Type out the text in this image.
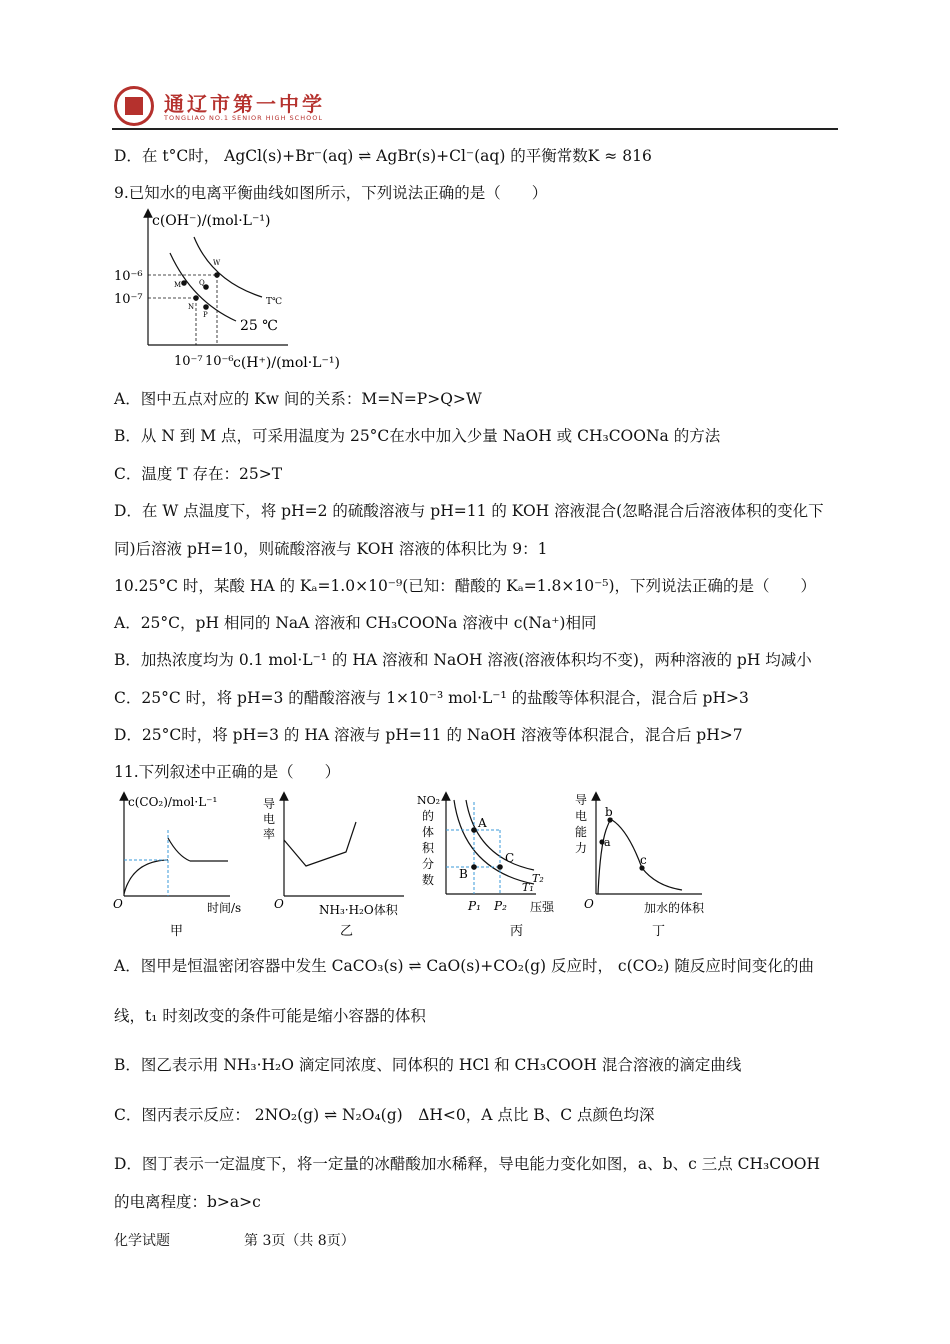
通辽市第一中学
TONGLIAO NO.1 SENIOR HIGH SCHOOL
D．在 t°C时， AgCl(s)+Br⁻(aq) ⇌ AgBr(s)+Cl⁻(aq) 的平衡常数K ≈ 816
9.已知水的电离平衡曲线如图所示，下列说法正确的是（　　）
M
N
Q
P
W
c(OH⁻)/(mol·L⁻¹)
10⁻⁶
10⁻⁷
10⁻⁷ 10⁻⁶ c(H⁺)/(mol·L⁻¹)
T℃
25 ℃
A．图中五点对应的 Kw 间的关系：M=N=P>Q>W
B．从 N 到 M 点，可采用温度为 25°C在水中加入少量 NaOH 或 CH₃COONa 的方法
C．温度 T 存在：25>T
D．在 W 点温度下，将 pH=2 的硫酸溶液与 pH=11 的 KOH 溶液混合(忽略混合后溶液体积的变化下
同)后溶液 pH=10，则硫酸溶液与 KOH 溶液的体积比为 9：1
10.25°C 时，某酸 HA 的 Kₐ=1.0×10⁻⁹(已知：醋酸的 Kₐ=1.8×10⁻⁵)，下列说法正确的是（　　）
A．25°C，pH 相同的 NaA 溶液和 CH₃COONa 溶液中 c(Na⁺)相同
B．加热浓度均为 0.1 mol·L⁻¹ 的 HA 溶液和 NaOH 溶液(溶液体积均不变)，两种溶液的 pH 均减小
C．25°C 时，将 pH=3 的醋酸溶液与 1×10⁻³ mol·L⁻¹ 的盐酸等体积混合，混合后 pH>3
D．25°C时，将 pH=3 的 HA 溶液与 pH=11 的 NaOH 溶液等体积混合，混合后 pH>7
11.下列叙述中正确的是（　　）
c(CO₂)/mol·L⁻¹
O	时间/s
甲
导
电
率
O	NH₃·H₂O体积
乙
NO₂
的
体
积
分
数
A
B
C
T₂
T₁
P₁ P₂ 压强
丙
导
电
能
力 a
b
c
O	加水的体积
丁
A．图甲是恒温密闭容器中发生 CaCO₃(s) ⇌ CaO(s)+CO₂(g) 反应时， c(CO₂) 随反应时间变化的曲
线，t₁ 时刻改变的条件可能是缩小容器的体积
B．图乙表示用 NH₃·H₂O 滴定同浓度、同体积的 HCl 和 CH₃COOH 混合溶液的滴定曲线
C．图丙表示反应： 2NO₂(g) ⇌ N₂O₄(g)　ΔH<0，A 点比 B、C 点颜色均深
D．图丁表示一定温度下，将一定量的冰醋酸加水稀释，导电能力变化如图，a、b、c 三点 CH₃COOH
的电离程度：b>a>c
化学试题	第 3页（共 8页）
